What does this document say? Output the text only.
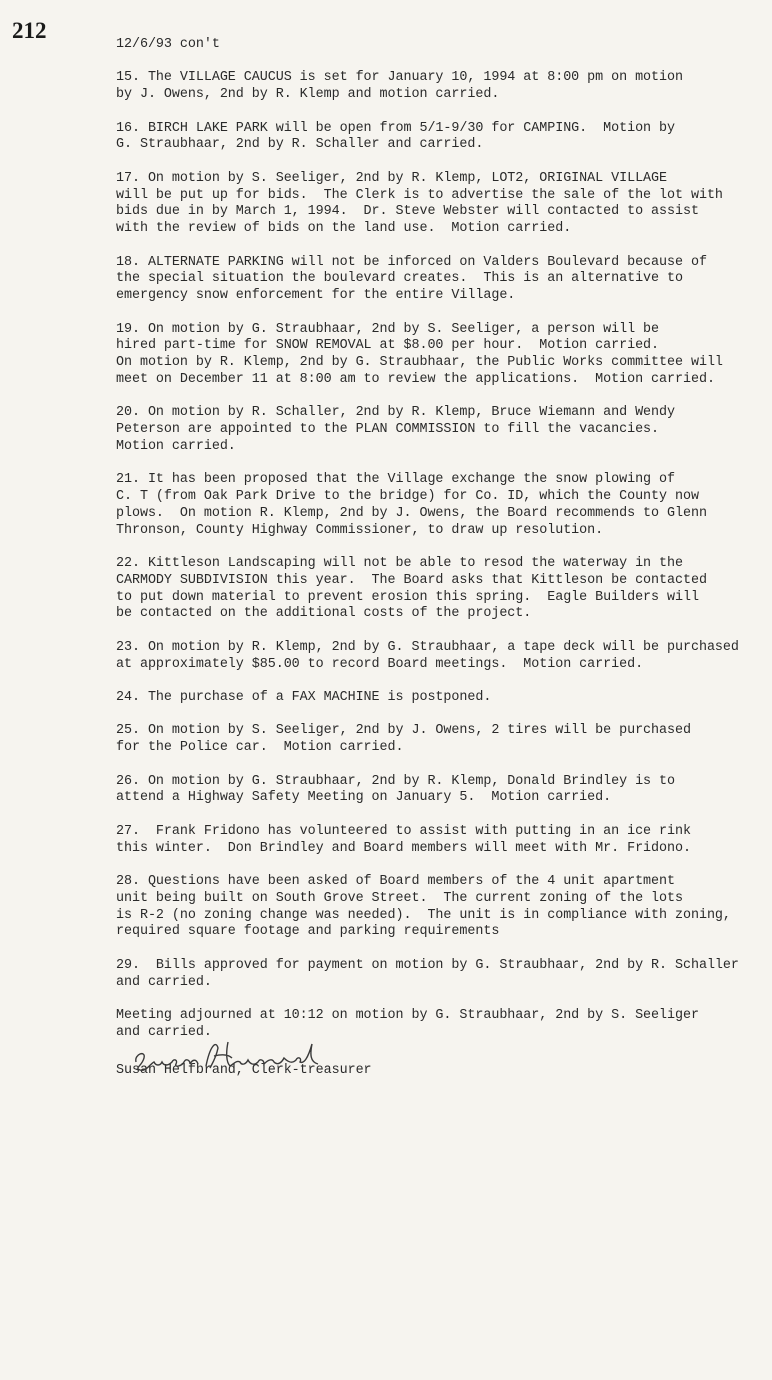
212
12/6/93 con't
15. The VILLAGE CAUCUS is set for January 10, 1994 at 8:00 pm on motion
by J. Owens, 2nd by R. Klemp and motion carried.
16. BIRCH LAKE PARK will be open from 5/1-9/30 for CAMPING.  Motion by
G. Straubhaar, 2nd by R. Schaller and carried.
17. On motion by S. Seeliger, 2nd by R. Klemp, LOT2, ORIGINAL VILLAGE
will be put up for bids.  The Clerk is to advertise the sale of the lot with
bids due in by March 1, 1994.  Dr. Steve Webster will contacted to assist
with the review of bids on the land use.  Motion carried.
18. ALTERNATE PARKING will not be inforced on Valders Boulevard because of
the special situation the boulevard creates.  This is an alternative to
emergency snow enforcement for the entire Village.
19. On motion by G. Straubhaar, 2nd by S. Seeliger, a person will be
hired part-time for SNOW REMOVAL at $8.00 per hour.  Motion carried.
On motion by R. Klemp, 2nd by G. Straubhaar, the Public Works committee will
meet on December 11 at 8:00 am to review the applications.  Motion carried.
20. On motion by R. Schaller, 2nd by R. Klemp, Bruce Wiemann and Wendy
Peterson are appointed to the PLAN COMMISSION to fill the vacancies.
Motion carried.
21. It has been proposed that the Village exchange the snow plowing of
C. T (from Oak Park Drive to the bridge) for Co. ID, which the County now
plows.  On motion R. Klemp, 2nd by J. Owens, the Board recommends to Glenn
Thronson, County Highway Commissioner, to draw up resolution.
22. Kittleson Landscaping will not be able to resod the waterway in the
CARMODY SUBDIVISION this year.  The Board asks that Kittleson be contacted
to put down material to prevent erosion this spring.  Eagle Builders will
be contacted on the additional costs of the project.
23. On motion by R. Klemp, 2nd by G. Straubhaar, a tape deck will be purchased
at approximately $85.00 to record Board meetings.  Motion carried.
24. The purchase of a FAX MACHINE is postponed.
25. On motion by S. Seeliger, 2nd by J. Owens, 2 tires will be purchased
for the Police car.  Motion carried.
26. On motion by G. Straubhaar, 2nd by R. Klemp, Donald Brindley is to
attend a Highway Safety Meeting on January 5.  Motion carried.
27.  Frank Fridono has volunteered to assist with putting in an ice rink
this winter.  Don Brindley and Board members will meet with Mr. Fridono.
28. Questions have been asked of Board members of the 4 unit apartment
unit being built on South Grove Street.  The current zoning of the lots
is R-2 (no zoning change was needed).  The unit is in compliance with zoning,
required square footage and parking requirements
29.  Bills approved for payment on motion by G. Straubhaar, 2nd by R. Schaller
and carried.
Meeting adjourned at 10:12 on motion by G. Straubhaar, 2nd by S. Seeliger
and carried.
Susan Helfbrand, Clerk-treasurer
